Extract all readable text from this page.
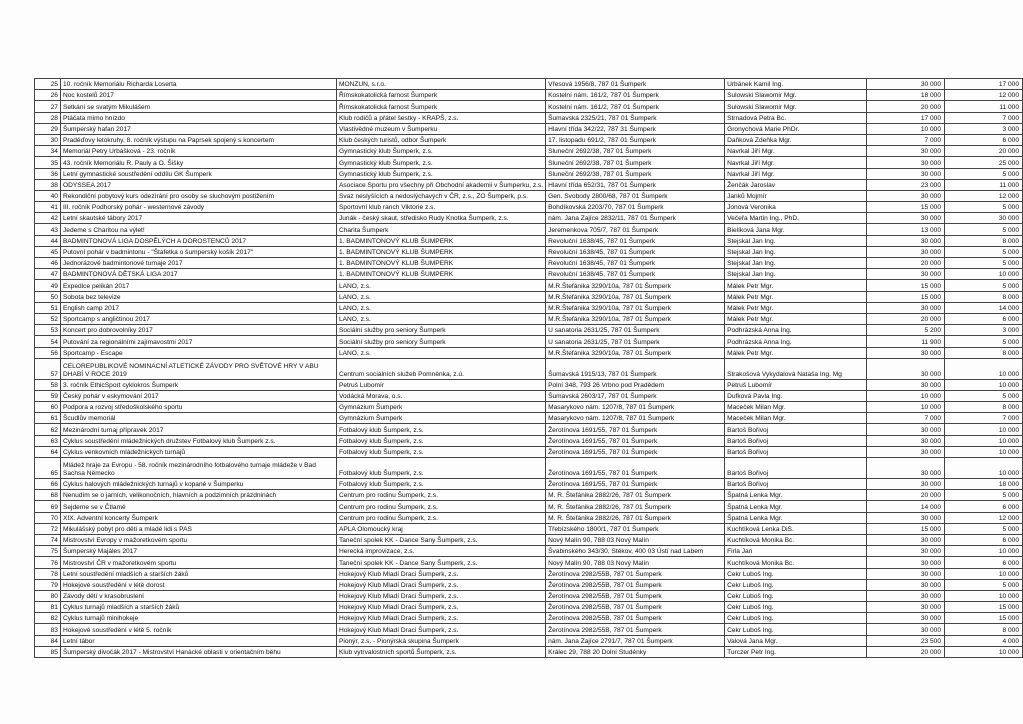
25	10. ročník Memoriálu Richarda Loserta	MONZUN, s.r.o.	Vřesová 1956/8, 787 01 Šumperk	Urbánek Kamil Ing.	30 000	17 000
26	Noc kostelů 2017	Římskokatolická farnost Šumperk	Kostelní nám. 161/2, 787 01 Šumperk	Sulowski Slawomir Mgr.	18 000	12 000
27	Setkání se svatým Mikulášem	Římskokatolická farnost Šumperk	Kostelní nám. 161/2, 787 01 Šumperk	Sulowski Slawomir Mgr.	20 000	11 000
28	Ptáčata mimo hnízdo	Klub rodičů a přátel šestky - KRAPŠ, z.s.	Šumavská 2325/21, 787 01 Šumperk	Strnadová Petra Bc.	17 000	7 000
29	Šumperský hafan 2017	Vlastivědné muzeum v Šumperku	Hlavní třída 342/22, 787 31 Šumperk	Gronychová Marie PhDr.	10 000	3 000
30	Praděďovy letokruhy, 8. ročník výstupu na Paprsek spojený s koncertem	Klub českých turistů, odbor Šumperk	17. listopadu 691/2, 787 01 Šumperk	Daňková Zdeňka Mgr.	7 000	6 000
34	Memoriál Petry Urbášková - 23. ročník	Gymnastický klub Šumperk, z.s.	Sluneční 2692/38, 787 01 Šumperk	Navrkal Jiří Mgr.	30 000	20 000
35	43. ročník Memoriálu R. Pauly a O. Šišky	Gymnastický klub Šumperk, z.s.	Sluneční 2692/38, 787 01 Šumperk	Navrkal Jiří Mgr.	30 000	25 000
36	Letní gymnastické soustředění oddílu GK Šumperk	Gymnastický klub Šumperk, z.s.	Sluneční 2692/38, 787 01 Šumperk	Navrkal Jiří Mgr.	30 000	5 000
38	ODYSSEA 2017	Asociace Sportu pro všechny při Obchodní akademii v Šumperku, z.s.	Hlavní třída 652/31, 787 01 Šumperk	Ženčák Jaroslav	23 000	11 000
40	Rekondiční pobytový kurs odezírání pro osoby se sluchovým postižením	Svaz neslyšících a nedoslýchavých v ČR, z.s., ZO Šumperk, p.s.	Gen. Svobody 2800/68, 787 01 Šumperk	Janků Mojmír	30 000	12 000
41	III. ročník Podhorský pohár - westernové závody	Sportovní klub ranch Viktorie z.s.	Bohdíkovská 2203/70, 787 01 Šumperk	Jonová Veronika	15 000	5 000
42	Letní skautské tábory 2017	Junák - český skaut, středisko Rudy Knotka Šumperk, z.s.	nám. Jana Zajíce 2832/11, 787 01 Šumperk	Večeřa Martin Ing., PhD.	30 000	30 000
43	Jedeme s Charitou na výlet!	Charita Šumperk	Jeremenkova 705/7, 787 01 Šumperk	Bielíková Jana Mgr.	13 000	5 000
44	BADMINTONOVÁ LIGA DOSPĚLÝCH A DOROSTENCŮ 2017	1. BADMINTONOVÝ KLUB ŠUMPERK	Revoluční 1638/45, 787 01 Šumperk	Stejskal Jan Ing.	30 000	8 000
45	Putovní pohár v badmintonu - "Štafetka o šumperský košík 2017"	1. BADMINTONOVÝ KLUB ŠUMPERK	Revoluční 1638/45, 787 01 Šumperk	Stejskal Jan Ing.	30 000	5 000
46	Jednorázové badmintonové turnaje 2017	1. BADMINTONOVÝ KLUB ŠUMPERK	Revoluční 1638/45, 787 01 Šumperk	Stejskal Jan Ing.	20 000	5 000
47	BADMINTONOVÁ DĚTSKÁ LIGA 2017	1. BADMINTONOVÝ KLUB ŠUMPERK	Revoluční 1638/45, 787 01 Šumperk	Stejskal Jan Ing.	30 000	10 000
49	Expedice pelikán 2017	LANO, z.s.	M.R.Štefánika 3290/10a, 787 01 Šumperk	Málek Petr Mgr.	15 000	5 000
50	Sobota bez televize	LANO, z.s.	M.R.Štefánika 3290/10a, 787 01 Šumperk	Málek Petr Mgr.	15 000	8 000
51	English camp 2017	LANO, z.s.	M.R.Štefánika 3290/10a, 787 01 Šumperk	Málek Petr Mgr.	30 000	14 000
52	Sportcamp s angličtinou 2017	LANO, z.s.	M.R.Štefánika 3290/10a, 787 01 Šumperk	Málek Petr Mgr.	20 000	6 000
53	Koncert pro dobrovolníky 2017	Sociální služby pro seniory Šumperk	U sanatoria 2631/25, 787 01 Šumperk	Podhrázská Anna Ing.	5 200	3 000
54	Putování za regionálními zajímavostmi 2017	Sociální služby pro seniory Šumperk	U sanatoria 2631/25, 787 01 Šumperk	Podhrázská Anna Ing.	11 900	5 000
56	Sportcamp - Escape	LANO, z.s.	M.R.Štefánika 3290/10a, 787 01 Šumperk	Málek Petr Mgr.	30 000	8 000
57	CELOREPUBLIKOVÉ NOMINACNÍ ATLETICKÉ ZÁVODY PRO SVĚTOVÉ HRY V ABU DHABÍ V ROCE 2019	Centrum sociálních služeb Pomněnka, z.ú.	Šumavská 1915/13, 787 01 Šumperk	Strakošová Vykydalová Nataša Ing. Mg	30 000	10 000
58	3. ročník EthicSport cyklokros Šumperk	Petruš Lubomír	Polní 348, 793 26 Vrbno pod Pradědem	Petruš Lubomír	30 000	10 000
59	Český pohár v eskymování 2017	Vodácká Morava, o.s.	Šumavská 2603/17, 787 01 Šumperk	Dufková Pavla Ing.	10 000	5 000
60	Podpora a rozvoj středoškolského sportu	Gymnázium Šumperk	Masarykovo nám. 1207/8, 787 01 Šumperk	Maceček Milan Mgr.	10 000	8 000
61	Šcudlův memoriál	Gymnázium Šumperk	Masarykovo nám. 1207/8, 787 01 Šumperk	Maceček Milan Mgr.	7 000	7 000
62	Mezinárodní turnaj přípravek 2017	Fotbalový klub Šumperk, z.s.	Žerotínova 1691/55, 787 01 Šumperk	Bartoš Bořivoj	30 000	10 000
63	Cyklus soustředění mládežnických družstev Fotbalový klub Šumperk z.s.	Fotbalový klub Šumperk, z.s.	Žerotínova 1691/55, 787 01 Šumperk	Bartoš Bořivoj	30 000	10 000
64	Cyklus venkovních mládežnických turnajů	Fotbalový klub Šumperk, z.s.	Žerotínova 1691/55, 787 01 Šumperk	Bartoš Bořivoj	30 000	10 000
65	Mládež hraje za Evropu - 58. ročník mezinárodního fotbalového turnaje mládeže v Bad Sachsa Německo	Fotbalový klub Šumperk, z.s.	Žerotínova 1691/55, 787 01 Šumperk	Bartoš Bořivoj	30 000	10 000
66	Cyklus halových mládežnických turnajů v kopané v Šumperku	Fotbalový klub Šumperk, z.s.	Žerotínova 1691/55, 787 01 Šumperk	Bartoš Bořivoj	30 000	18 000
68	Nenudím se o jarních, velikonočních, hlavních a podzimních prázdninách	Centrum pro rodinu Šumperk, z.s.	M. R. Štefánika 2882/26, 787 01 Šumperk	Špatná Lenka Mgr.	20 000	5 000
69	Sejdeme se v Čtlamě	Centrum pro rodinu Šumperk, z.s.	M. R. Štefánika 2882/26, 787 01 Šumperk	Špatná Lenka Mgr.	14 000	6 000
70	XIX. Adventní koncerty Šumperk	Centrum pro rodinu Šumperk, z.s.	M. R. Štefánika 2882/26, 787 01 Šumperk	Špatná Lenka Mgr.	30 000	12 000
72	Mikulášský pobyt pro děti a mladé lidi s PAS	APLA Olomoucký kraj	Třebízského 1800/1, 787 01 Šumperk	Kuchtíková Lenka DiS.	15 000	5 000
74	Mistrovství Evropy v mažoretkovém sportu	Taneční spolek KK - Dance Sany Šumperk, z.s.	Nový Malín 90, 788 03 Nový Malín	Kuchtíková Monika Bc.	30 000	6 000
75	Šumperský Majáles 2017	Herecká improvizace, z.s.	Švabinského 343/30, Stěkov, 400 03 Ústí nad Labem	Firla Jan	30 000	10 000
76	Mistrovství ČR v mažoretkovém sportu	Taneční spolek KK - Dance Sany Šumperk, z.s.	Nový Malín 90, 788 03 Nový Malín	Kuchtíková Monika Bc.	30 000	6 000
78	Letní soustředění mladších a starších žáků	Hokejový Klub Mladí Draci Šumperk, z.s.	Žerotínova 2982/55B, 787 01 Šumperk	Cekr Luboš Ing.	30 000	10 000
79	Hokejové soustředění v létě dorost	Hokejový Klub Mladí Draci Šumperk, z.s.	Žerotínova 2982/55B, 787 01 Šumperk	Cekr Luboš Ing.	30 000	5 000
80	Závody dětí v krasobruslení	Hokejový Klub Mladí Draci Šumperk, z.s.	Žerotínova 2982/55B, 787 01 Šumperk	Cekr Luboš Ing.	30 000	10 000
81	Cyklus turnajů mladších a starších žáků	Hokejový Klub Mladí Draci Šumperk, z.s.	Žerotínova 2982/55B, 787 01 Šumperk	Cekr Luboš Ing.	30 000	15 000
82	Cyklus turnajů minihokeje	Hokejový Klub Mladí Draci Šumperk, z.s.	Žerotínova 2982/55B, 787 01 Šumperk	Cekr Luboš Ing.	30 000	15 000
83	Hokejové soustředění v létě 5. ročník	Hokejový Klub Mladí Draci Šumperk, z.s.	Žerotínova 2982/55B, 787 01 Šumperk	Cekr Luboš Ing.	30 000	8 000
84	Letní tábor	Pionýr, z.s. - Pionýrská skupina Šumperk	nám. Jana Zajíce 2791/7, 787 01 Šumperk	Valová Jana Mgr.	23 500	4 000
85	Šumperský divočák 2017 - Mistrovství Hanácké oblasti v orientačním běhu	Klub vytrvalostních sportů Šumperk, z.s.	Králec 29, 788 20 Dolní Studénky	Turczer Petr Ing.	20 000	10 000
